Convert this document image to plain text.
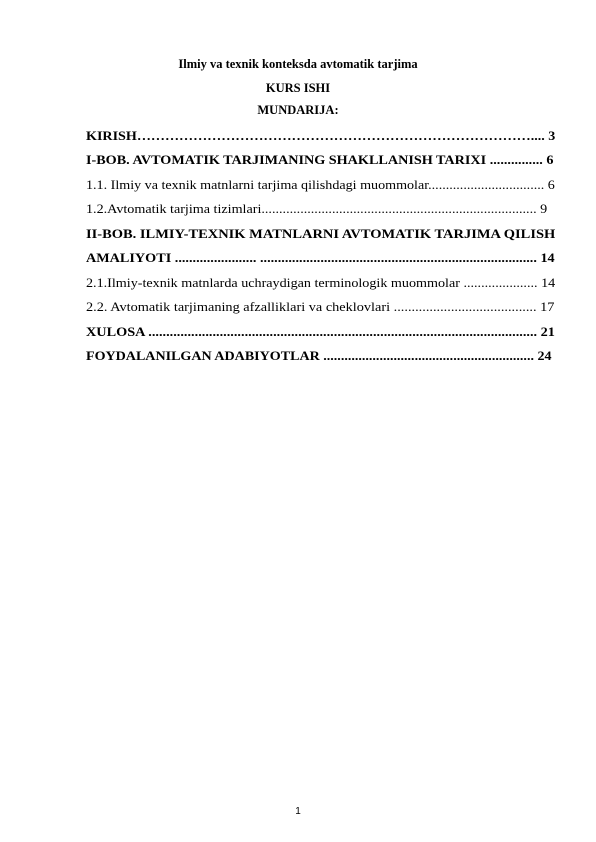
Ilmiy va texnik konteksda avtomatik tarjima
KURS ISHI
MUNDARIJA:
KIRISH………………………………………………………………………….... 3
I-BOB. AVTOMATIK TARJIMANING SHAKLLANISH TARIXI ............... 6
1.1. Ilmiy va texnik matnlarni tarjima qilishdagi muommolar................................. 6
1.2.Avtomatik tarjima tizimlari.............................................................................. 9
II-BOB. ILMIY-TEXNIK MATNLARNI AVTOMATIK TARJIMA QILISH
AMALIYOTI ....................... .............................................................................. 14
2.1.Ilmiy-texnik matnlarda uchraydigan terminologik muommolar ..................... 14
2.2. Avtomatik tarjimaning afzalliklari va cheklovlari ........................................ 17
XULOSA ............................................................................................................. 21
FOYDALANILGAN ADABIYOTLAR ............................................................ 24
1
